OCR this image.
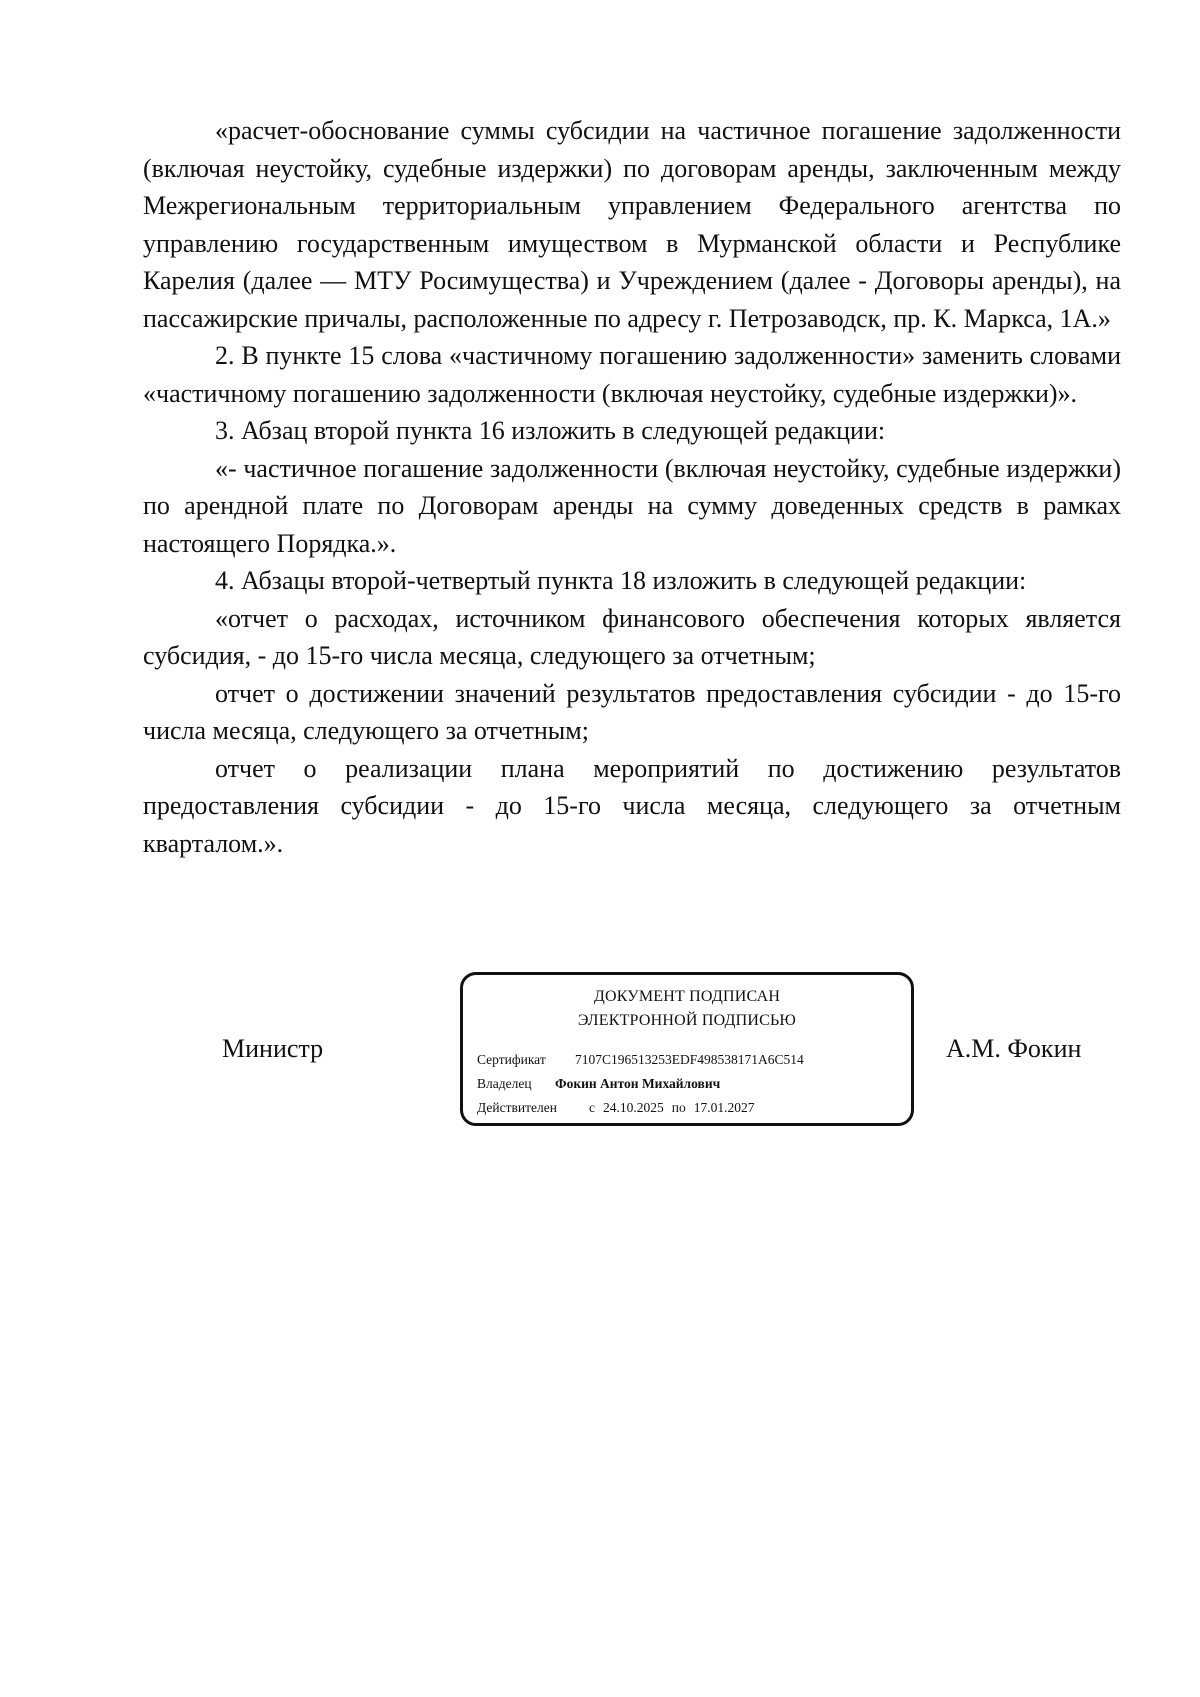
«расчет-обоснование суммы субсидии на частичное погашение задолженности (включая неустойку, судебные издержки) по договорам аренды, заключенным между Межрегиональным территориальным управлением Федерального агентства по управлению государственным имуществом в Мурманской области и Республике Карелия (далее — МТУ Росимущества) и Учреждением (далее - Договоры аренды), на пассажирские причалы, расположенные по адресу г. Петрозаводск, пр. К. Маркса, 1А.»

2. В пункте 15 слова «частичному погашению задолженности» заменить словами «частичному погашению задолженности (включая неустойку, судебные издержки)».

3. Абзац второй пункта 16 изложить в следующей редакции:

«- частичное погашение задолженности (включая неустойку, судебные издержки) по арендной плате по Договорам аренды на сумму доведенных средств в рамках настоящего Порядка.».

4. Абзацы второй-четвертый пункта 18 изложить в следующей редакции:

«отчет о расходах, источником финансового обеспечения которых является субсидия, - до 15-го числа месяца, следующего за отчетным;

отчет о достижении значений результатов предоставления субсидии - до 15-го числа месяца, следующего за отчетным;

отчет о реализации плана мероприятий по достижению результатов предоставления субсидии - до 15-го числа месяца, следующего за отчетным кварталом.».

Министр
ДОКУМЕНТ ПОДПИСАН
ЭЛЕКТРОННОЙ ПОДПИСЬЮ
Сертификат 7107C196513253EDF498538171A6C514
Владелец Фокин Антон Михайлович
Действителен с 24.10.2025 по 17.01.2027
А.М. Фокин
